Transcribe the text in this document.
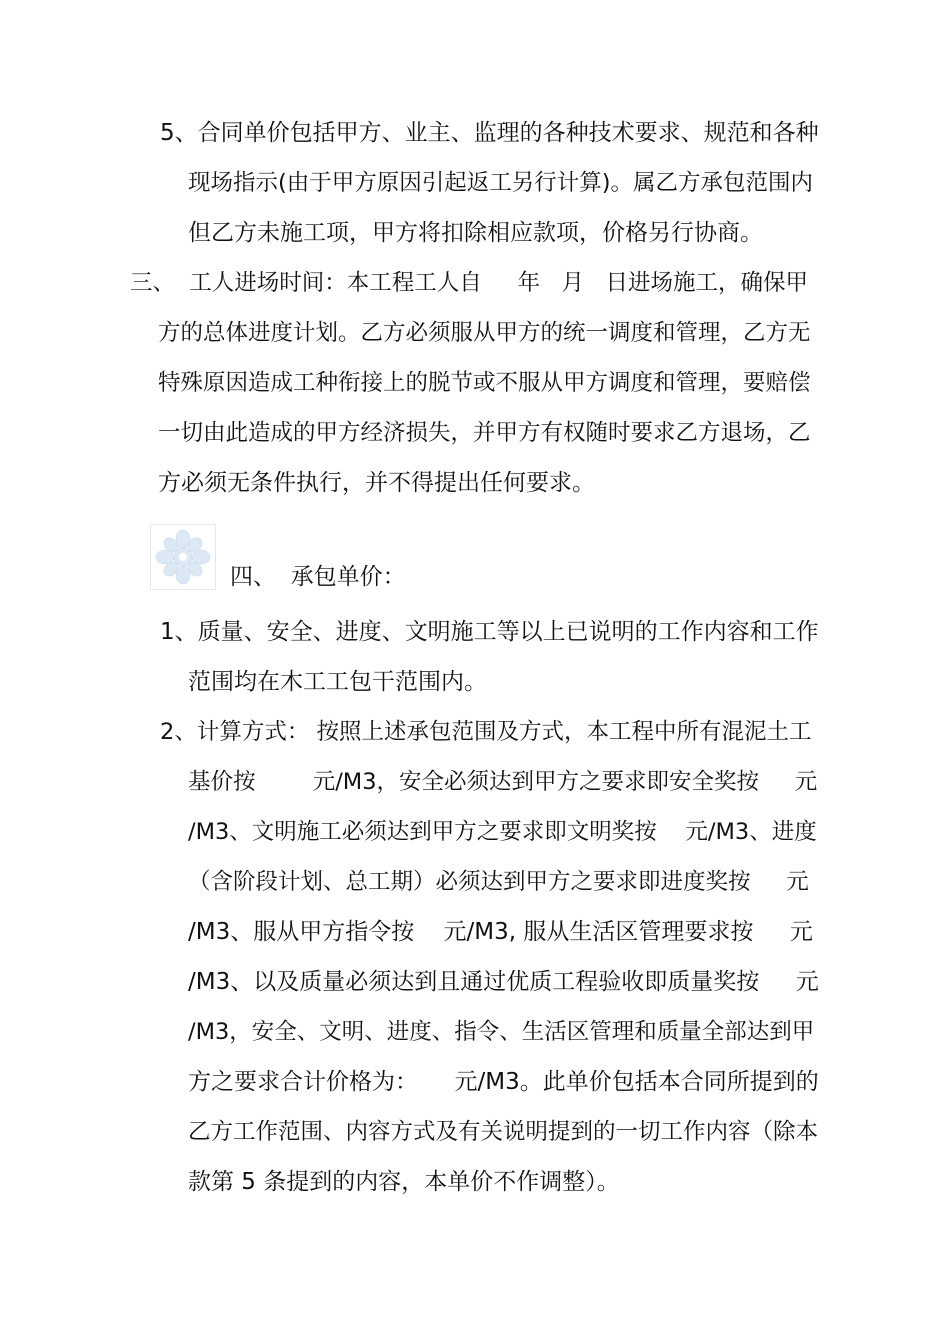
5、合同单价包括甲方、业主、监理的各种技术要求、规范和各种

现场指示(由于甲方原因引起返工另行计算)。属乙方承包范围内

但乙方未施工项，甲方将扣除相应款项，价格另行协商。

三、  工人进场时间：本工程工人自     年   月   日进场施工，确保甲

方的总体进度计划。乙方必须服从甲方的统一调度和管理，乙方无

特殊原因造成工种衔接上的脱节或不服从甲方调度和管理，要赔偿

一切由此造成的甲方经济损失，并甲方有权随时要求乙方退场，乙

方必须无条件执行，并不得提出任何要求。

四、  承包单价：

1、质量、安全、进度、文明施工等以上已说明的工作内容和工作

范围均在木工工包干范围内。

2、计算方式： 按照上述承包范围及方式，本工程中所有混泥土工

基价按        元/M3，安全必须达到甲方之要求即安全奖按     元

/M3、文明施工必须达到甲方之要求即文明奖按    元/M3、进度

（含阶段计划、总工期）必须达到甲方之要求即进度奖按     元

/M3、服从甲方指令按    元/M3, 服从生活区管理要求按     元

/M3、以及质量必须达到且通过优质工程验收即质量奖按     元

/M3，安全、文明、进度、指令、生活区管理和质量全部达到甲

方之要求合计价格为：     元/M3。此单价包括本合同所提到的

乙方工作范围、内容方式及有关说明提到的一切工作内容（除本

款第 5 条提到的内容，本单价不作调整）。
